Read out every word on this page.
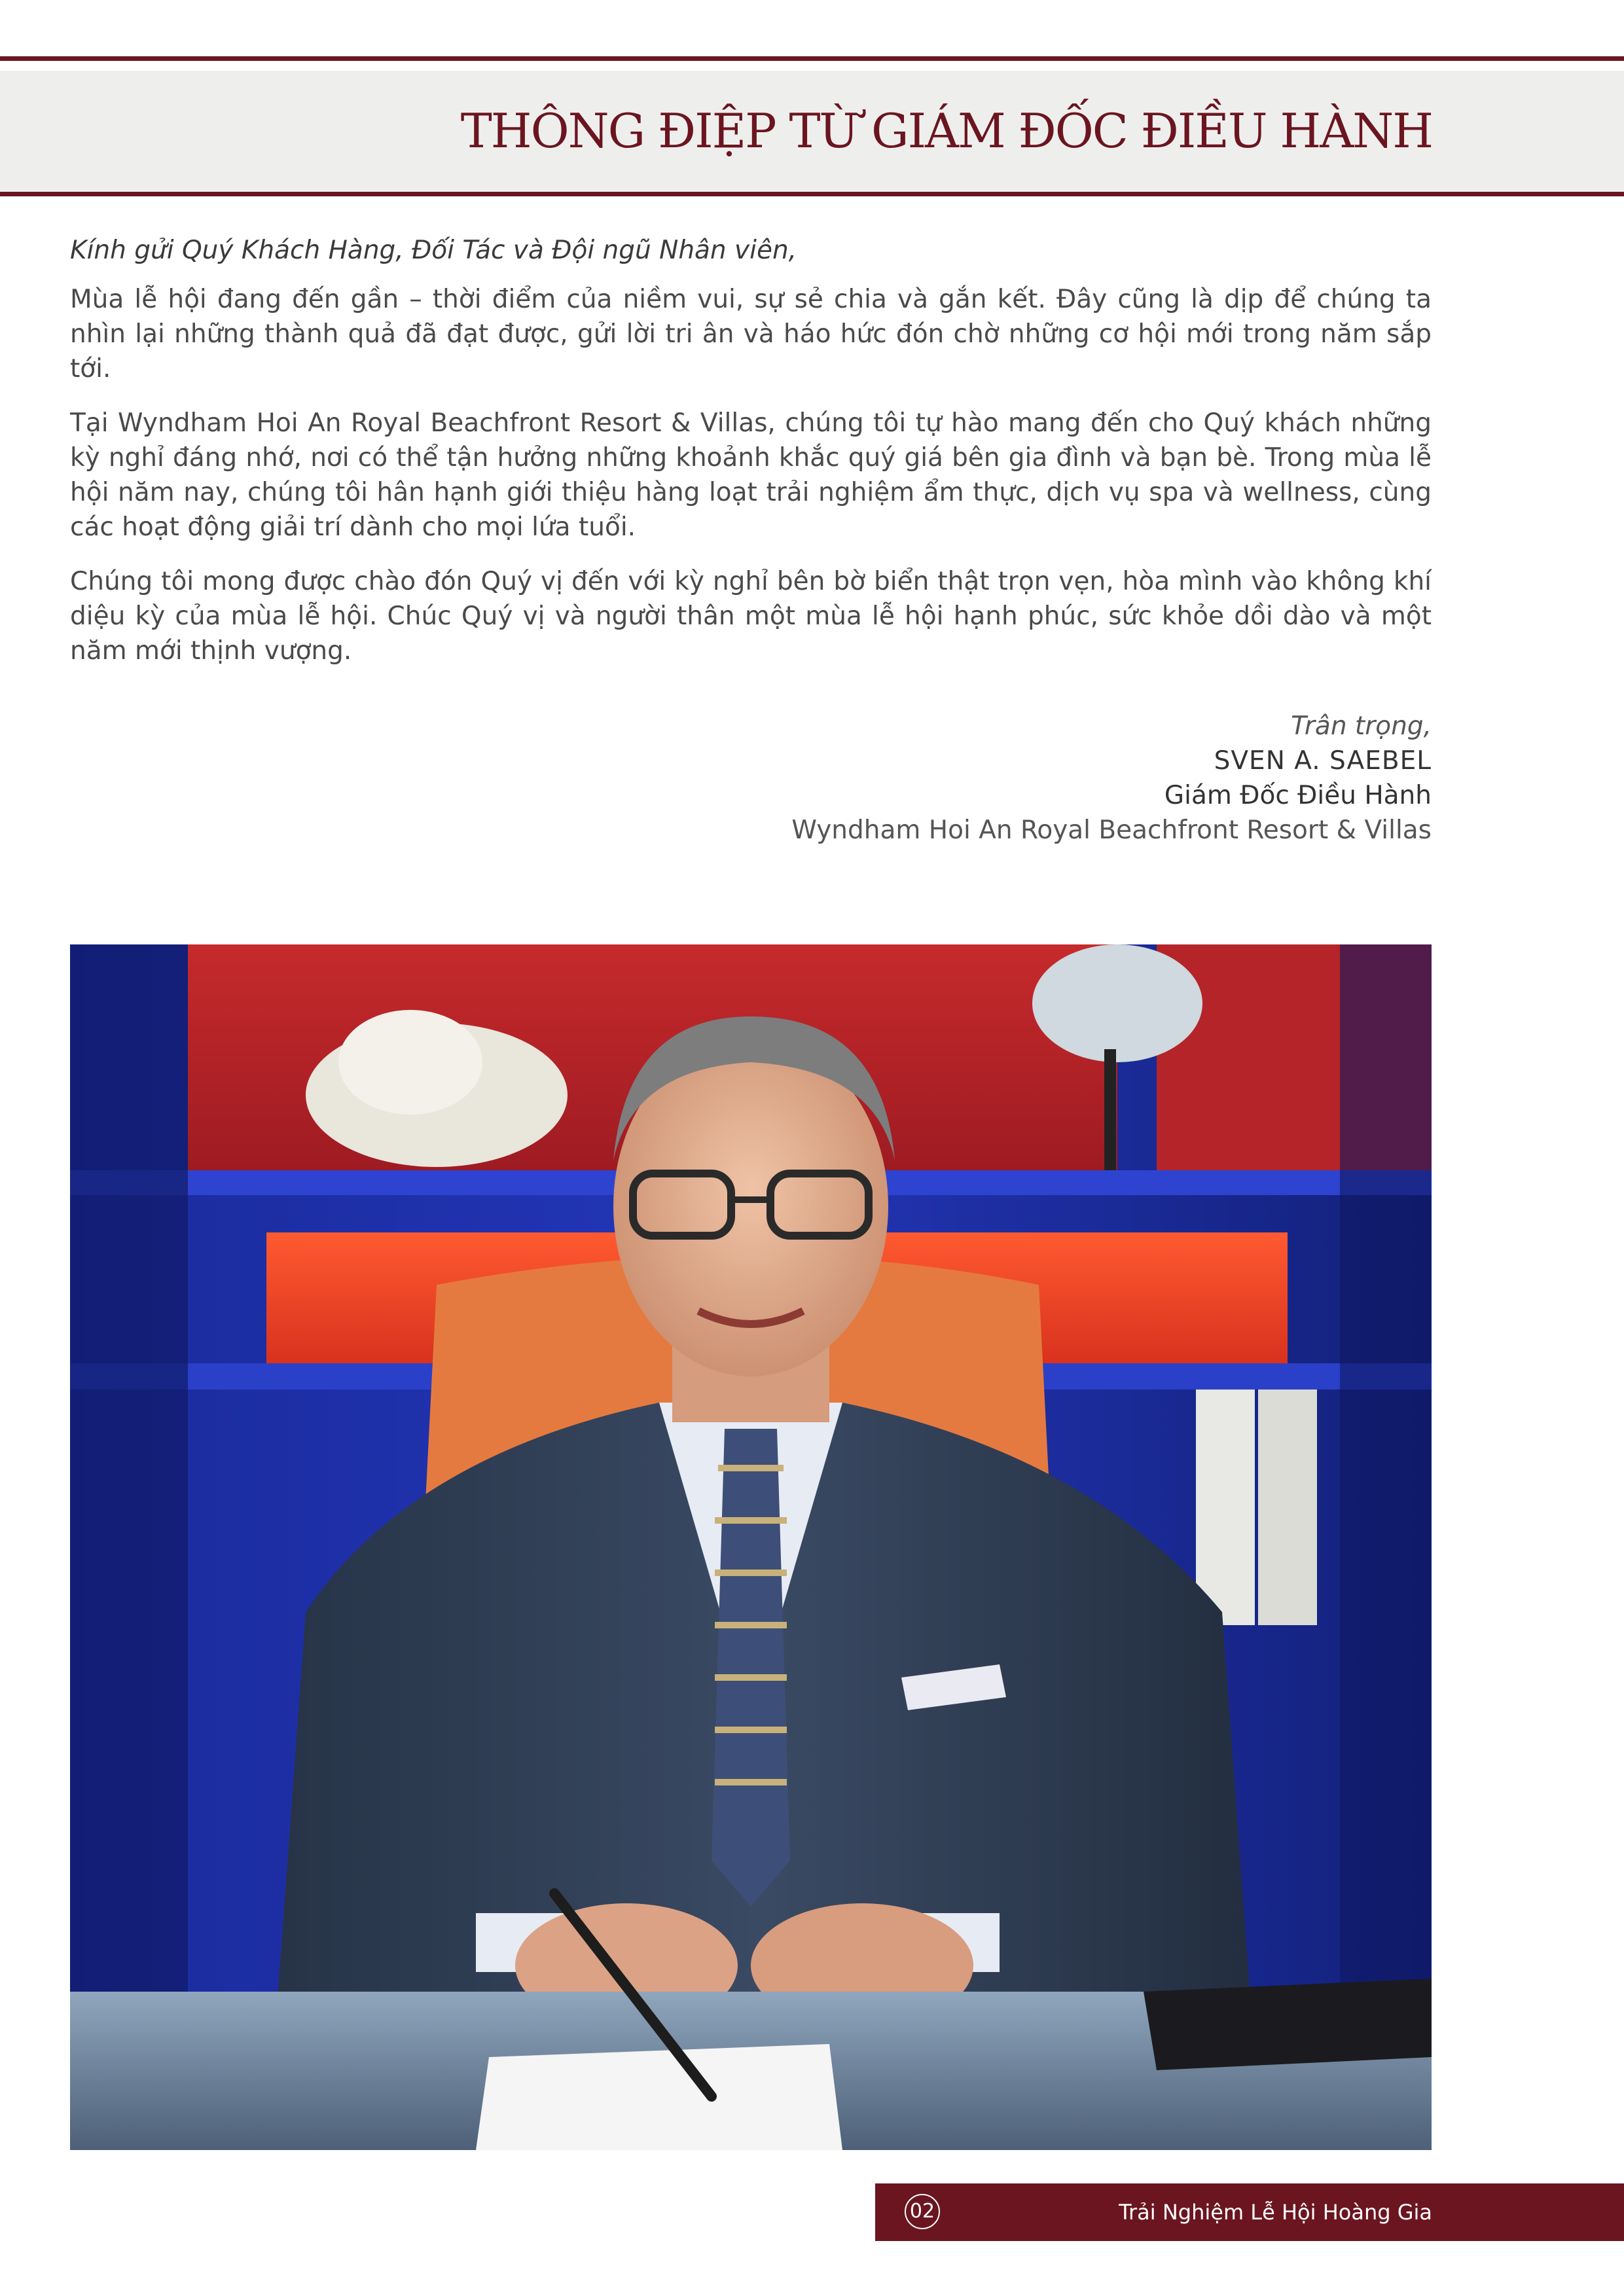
THÔNG ĐIỆP TỪ GIÁM ĐỐC ĐIỀU HÀNH

Kính gửi Quý Khách Hàng, Đối Tác và Đội ngũ Nhân viên,

Mùa lễ hội đang đến gần – thời điểm của niềm vui, sự sẻ chia và gắn kết. Đây cũng là dịp để chúng ta nhìn lại những thành quả đã đạt được, gửi lời tri ân và háo hức đón chờ những cơ hội mới trong năm sắp tới.

Tại Wyndham Hoi An Royal Beachfront Resort & Villas, chúng tôi tự hào mang đến cho Quý khách những kỳ nghỉ đáng nhớ, nơi có thể tận hưởng những khoảnh khắc quý giá bên gia đình và bạn bè. Trong mùa lễ hội năm nay, chúng tôi hân hạnh giới thiệu hàng loạt trải nghiệm ẩm thực, dịch vụ spa và wellness, cùng các hoạt động giải trí dành cho mọi lứa tuổi.

Chúng tôi mong được chào đón Quý vị đến với kỳ nghỉ bên bờ biển thật trọn vẹn, hòa mình vào không khí diệu kỳ của mùa lễ hội. Chúc Quý vị và người thân một mùa lễ hội hạnh phúc, sức khỏe dồi dào và một năm mới thịnh vượng.

Trân trọng,
SVEN A. SAEBEL
Giám Đốc Điều Hành
Wyndham Hoi An Royal Beachfront Resort & Villas
02	Trải Nghiệm Lễ Hội Hoàng Gia
